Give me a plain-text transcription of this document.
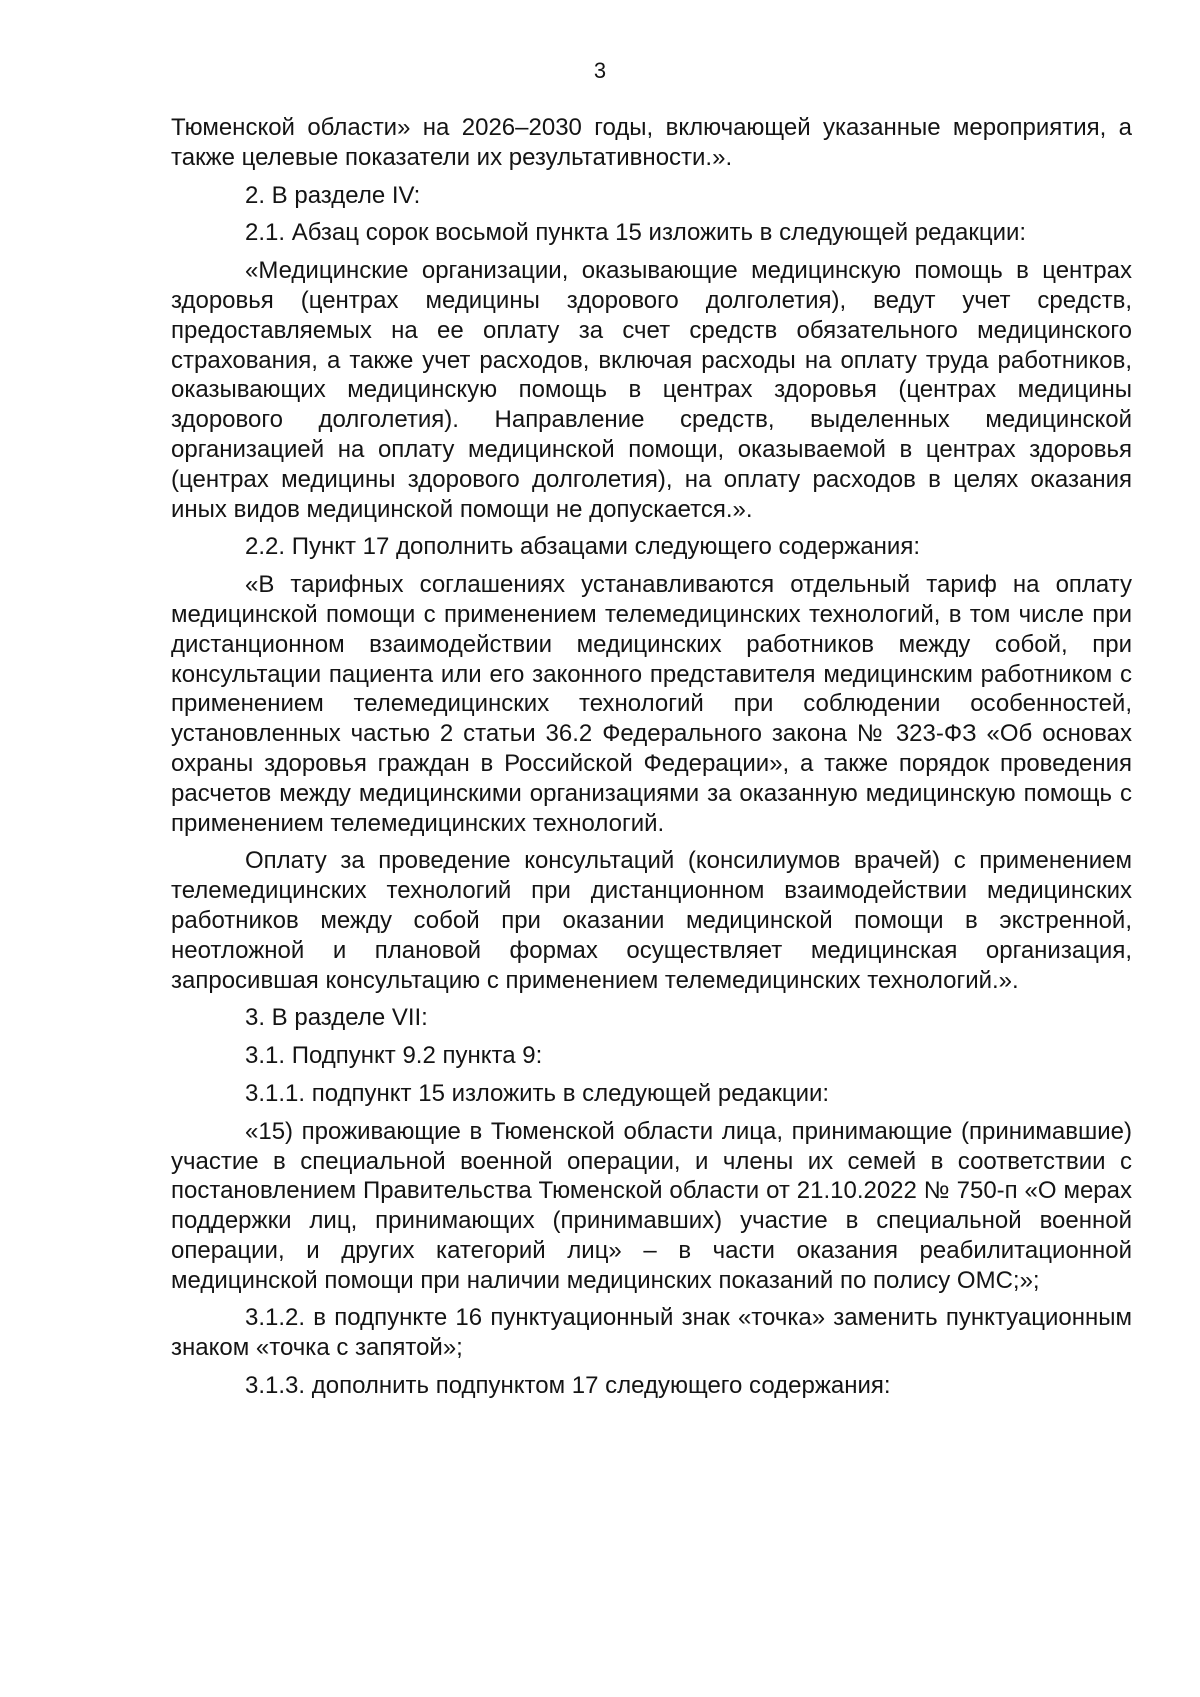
3

Тюменской области» на 2026–2030 годы, включающей указанные мероприятия, а также целевые показатели их результативности.».

2. В разделе IV:

2.1. Абзац сорок восьмой пункта 15 изложить в следующей редакции:

«Медицинские организации, оказывающие медицинскую помощь в центрах здоровья (центрах медицины здорового долголетия), ведут учет средств, предоставляемых на ее оплату за счет средств обязательного медицинского страхования, а также учет расходов, включая расходы на оплату труда работников, оказывающих медицинскую помощь в центрах здоровья (центрах медицины здорового долголетия). Направление средств, выделенных медицинской организацией на оплату медицинской помощи, оказываемой в центрах здоровья (центрах медицины здорового долголетия), на оплату расходов в целях оказания иных видов медицинской помощи не допускается.».

2.2. Пункт 17 дополнить абзацами следующего содержания:

«В тарифных соглашениях устанавливаются отдельный тариф на оплату медицинской помощи с применением телемедицинских технологий, в том числе при дистанционном взаимодействии медицинских работников между собой, при консультации пациента или его законного представителя медицинским работником с применением телемедицинских технологий при соблюдении особенностей, установленных частью 2 статьи 36.2 Федерального закона № 323-ФЗ «Об основах охраны здоровья граждан в Российской Федерации», а также порядок проведения расчетов между медицинскими организациями за оказанную медицинскую помощь с применением телемедицинских технологий.

Оплату за проведение консультаций (консилиумов врачей) с применением телемедицинских технологий при дистанционном взаимодействии медицинских работников между собой при оказании медицинской помощи в экстренной, неотложной и плановой формах осуществляет медицинская организация, запросившая консультацию с применением телемедицинских технологий.».

3. В разделе VII:

3.1. Подпункт 9.2 пункта 9:

3.1.1. подпункт 15 изложить в следующей редакции:

«15) проживающие в Тюменской области лица, принимающие (принимавшие) участие в специальной военной операции, и члены их семей в соответствии с постановлением Правительства Тюменской области от 21.10.2022 № 750-п «О мерах поддержки лиц, принимающих (принимавших) участие в специальной военной операции, и других категорий лиц» – в части оказания реабилитационной медицинской помощи при наличии медицинских показаний по полису ОМС;»;

3.1.2. в подпункте 16 пунктуационный знак «точка» заменить пунктуационным знаком «точка с запятой»;

3.1.3. дополнить подпунктом 17 следующего содержания:
